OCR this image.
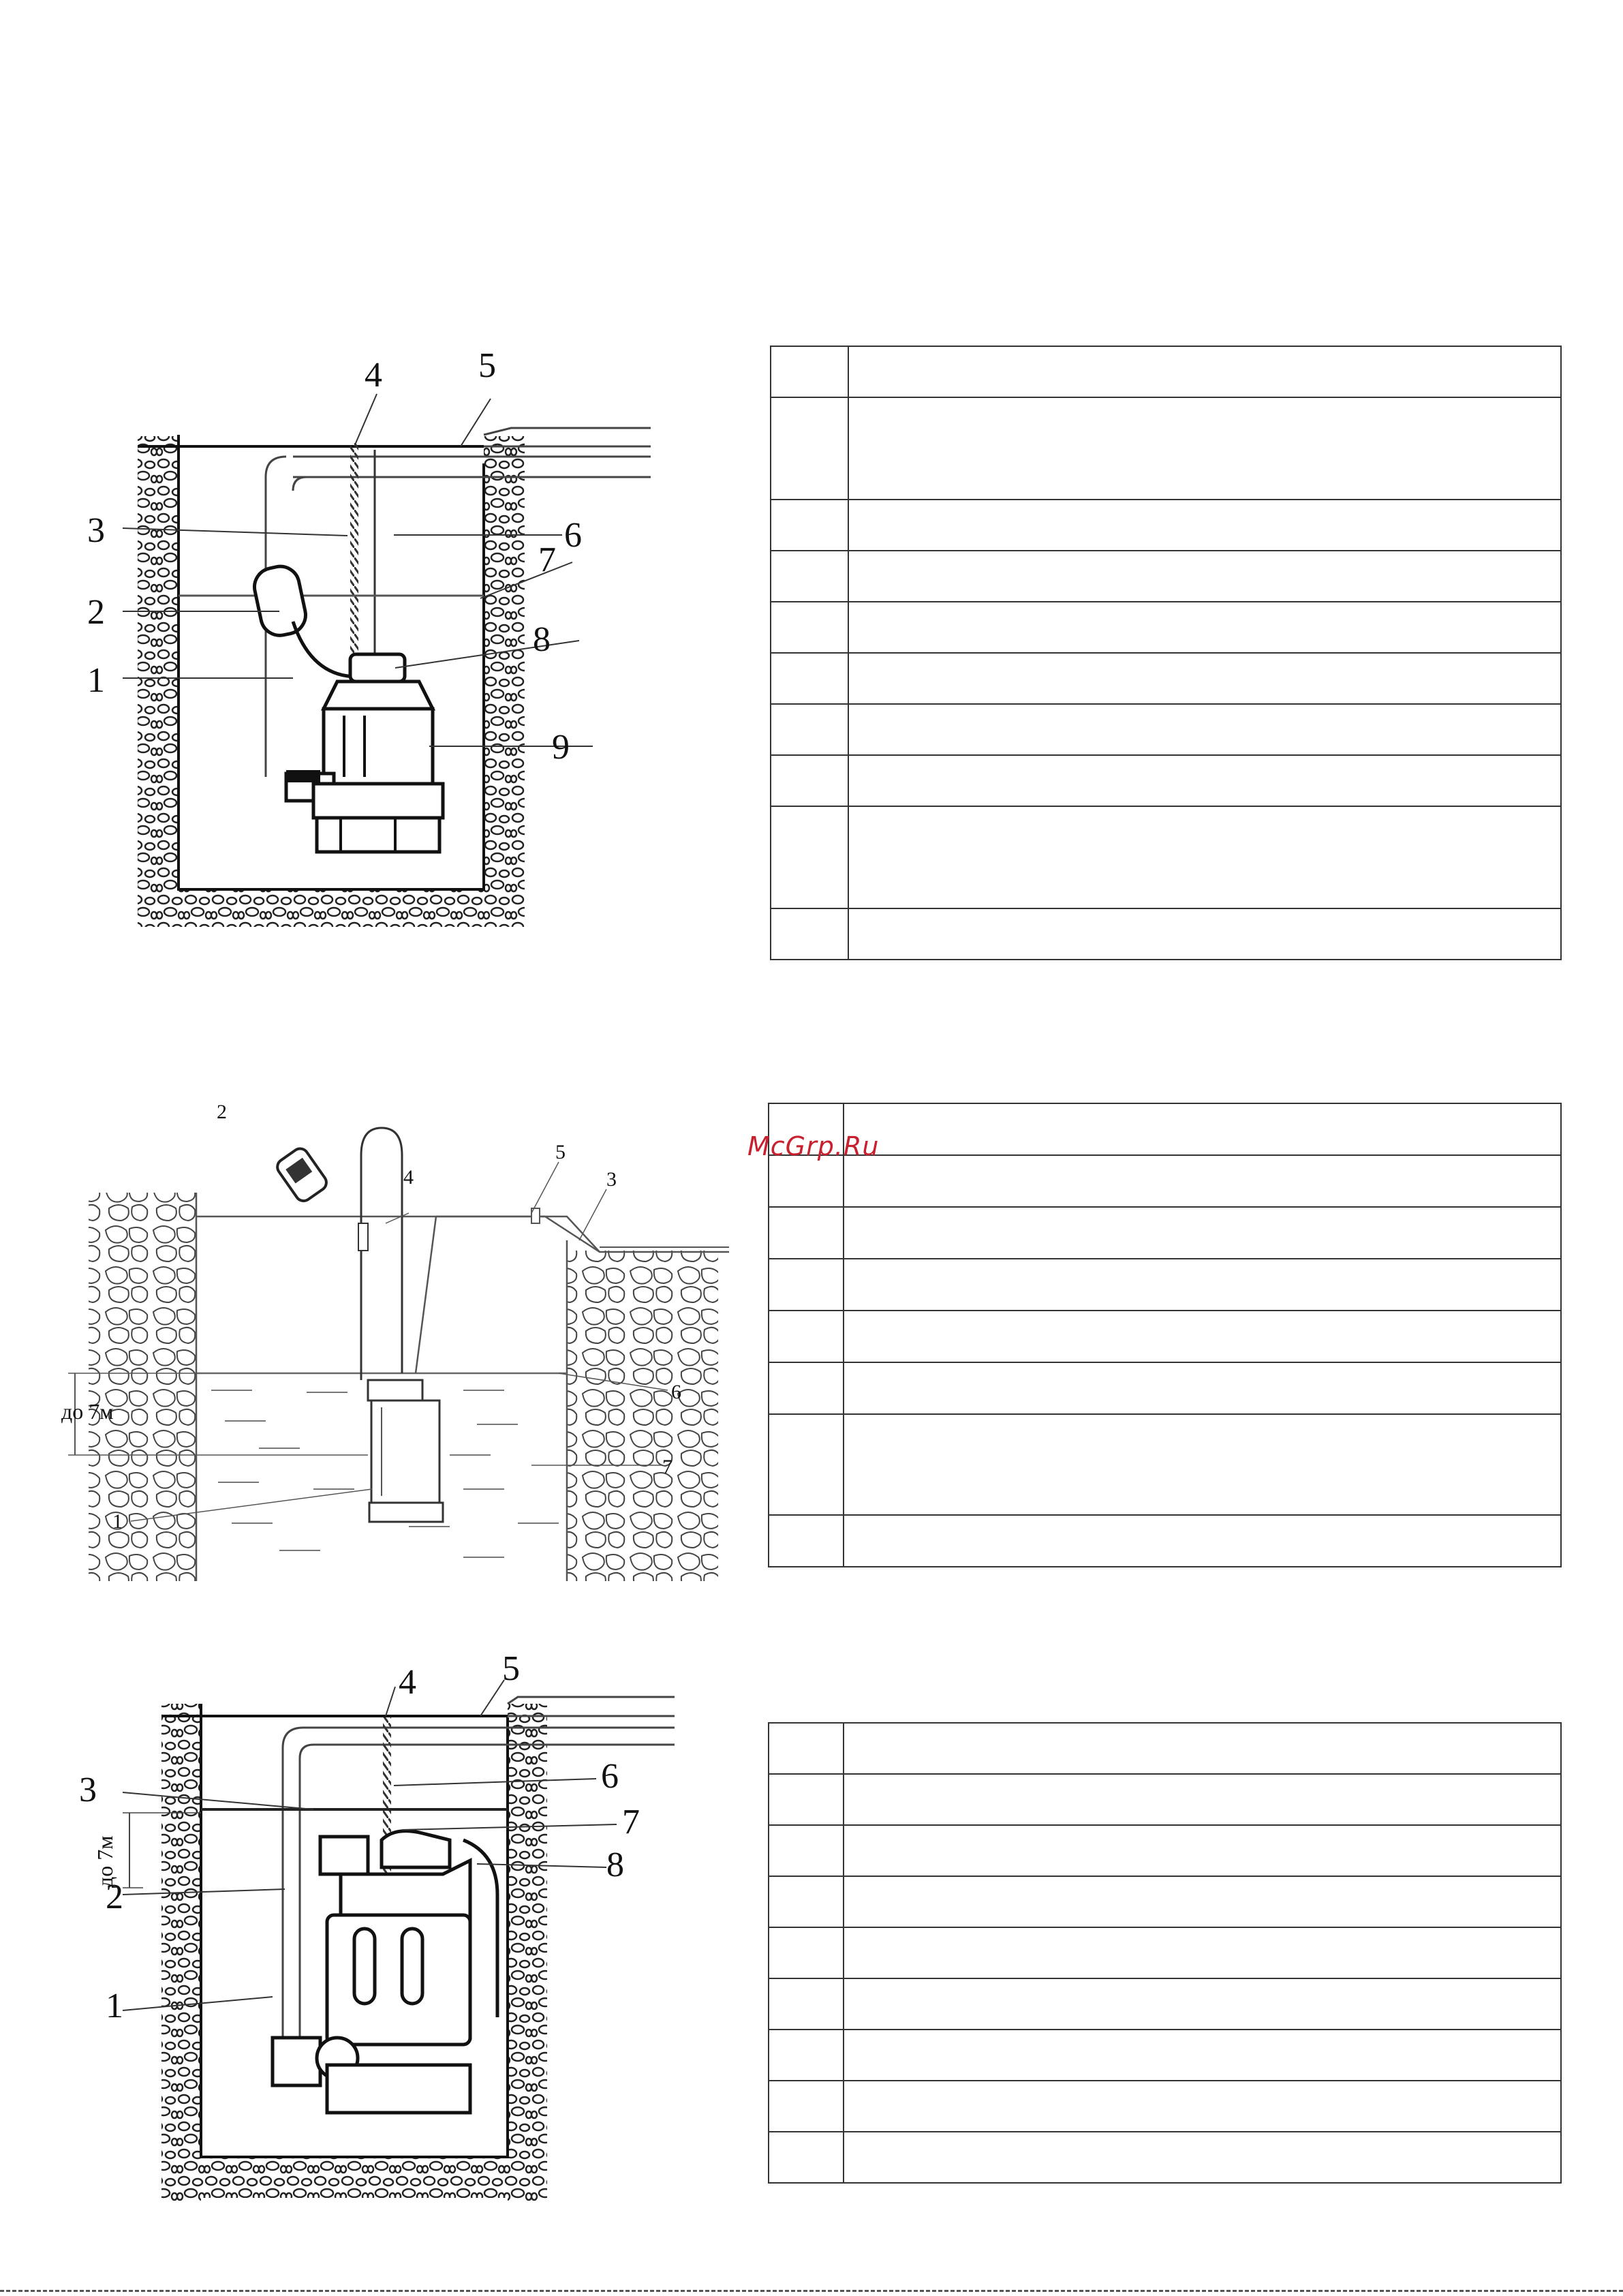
3
2
1
4	5
6
7
8
9
до 7м
1
2
3
4
5
6
7
до 7м
1
2
3
4 5
6
7
8

McGrp.Ru
